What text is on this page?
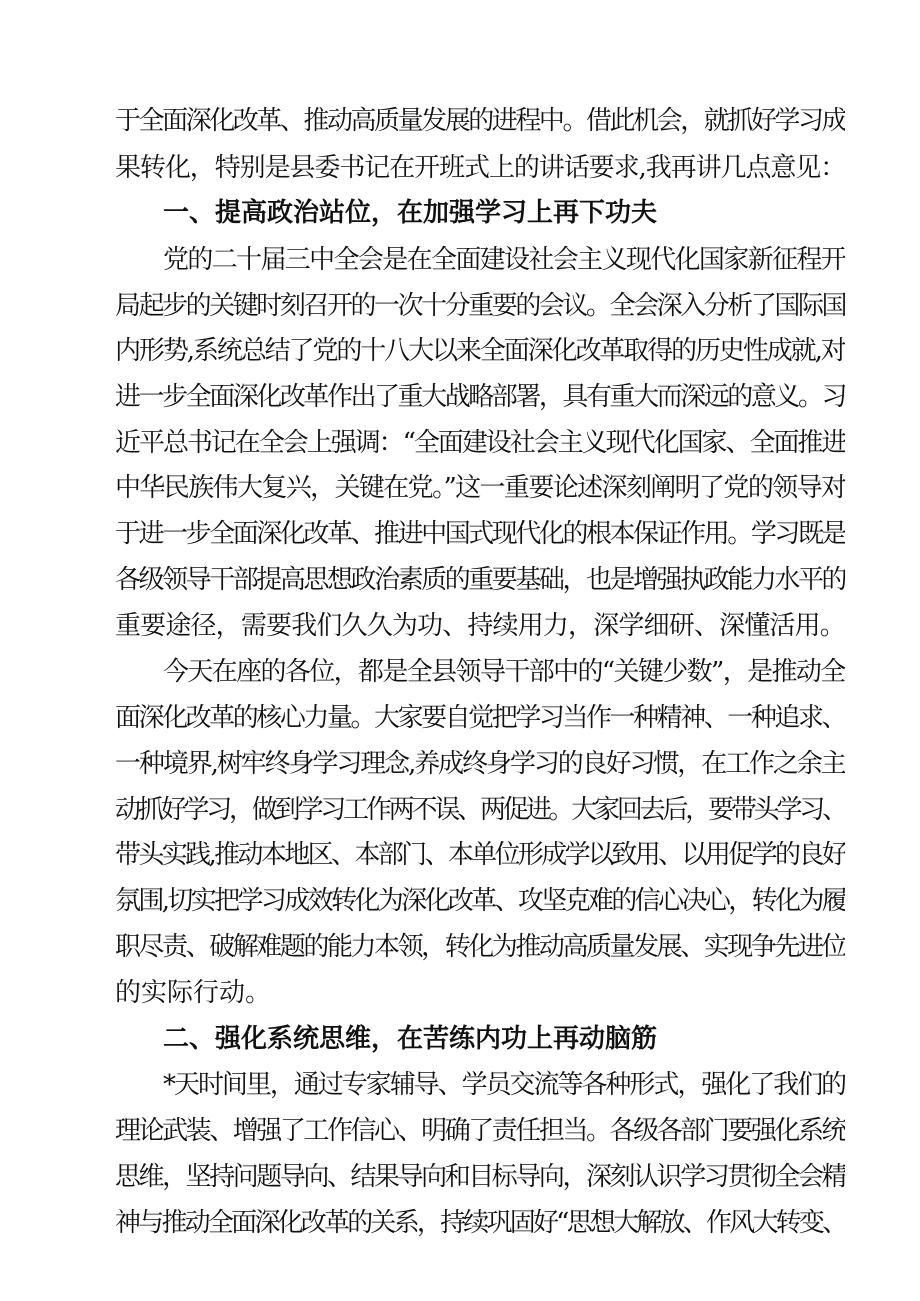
于全面深化改革、推动高质量发展的进程中。借此机会，就抓好学习成
果转化，特别是县委书记在开班式上的讲话要求,我再讲几点意见：
一、提高政治站位，在加强学习上再下功夫
党的二十届三中全会是在全面建设社会主义现代化国家新征程开
局起步的关键时刻召开的一次十分重要的会议。全会深入分析了国际国
内形势,系统总结了党的十八大以来全面深化改革取得的历史性成就,对
进一步全面深化改革作出了重大战略部署，具有重大而深远的意义。习
近平总书记在全会上强调：“全面建设社会主义现代化国家、全面推进
中华民族伟大复兴，关键在党。”这一重要论述深刻阐明了党的领导对
于进一步全面深化改革、推进中国式现代化的根本保证作用。学习既是
各级领导干部提高思想政治素质的重要基础，也是增强执政能力水平的
重要途径，需要我们久久为功、持续用力，深学细研、深懂活用。
今天在座的各位，都是全县领导干部中的“关键少数”，是推动全
面深化改革的核心力量。大家要自觉把学习当作一种精神、一种追求、
一种境界,树牢终身学习理念,养成终身学习的良好习惯，在工作之余主
动抓好学习，做到学习工作两不误、两促进。大家回去后，要带头学习、
带头实践,推动本地区、本部门、本单位形成学以致用、以用促学的良好
氛围,切实把学习成效转化为深化改革、攻坚克难的信心决心，转化为履
职尽责、破解难题的能力本领，转化为推动高质量发展、实现争先进位
的实际行动。
二、强化系统思维，在苦练内功上再动脑筋
*天时间里，通过专家辅导、学员交流等各种形式，强化了我们的
理论武装、增强了工作信心、明确了责任担当。各级各部门要强化系统
思维，坚持问题导向、结果导向和目标导向，深刻认识学习贯彻全会精
神与推动全面深化改革的关系，持续巩固好“思想大解放、作风大转变、
